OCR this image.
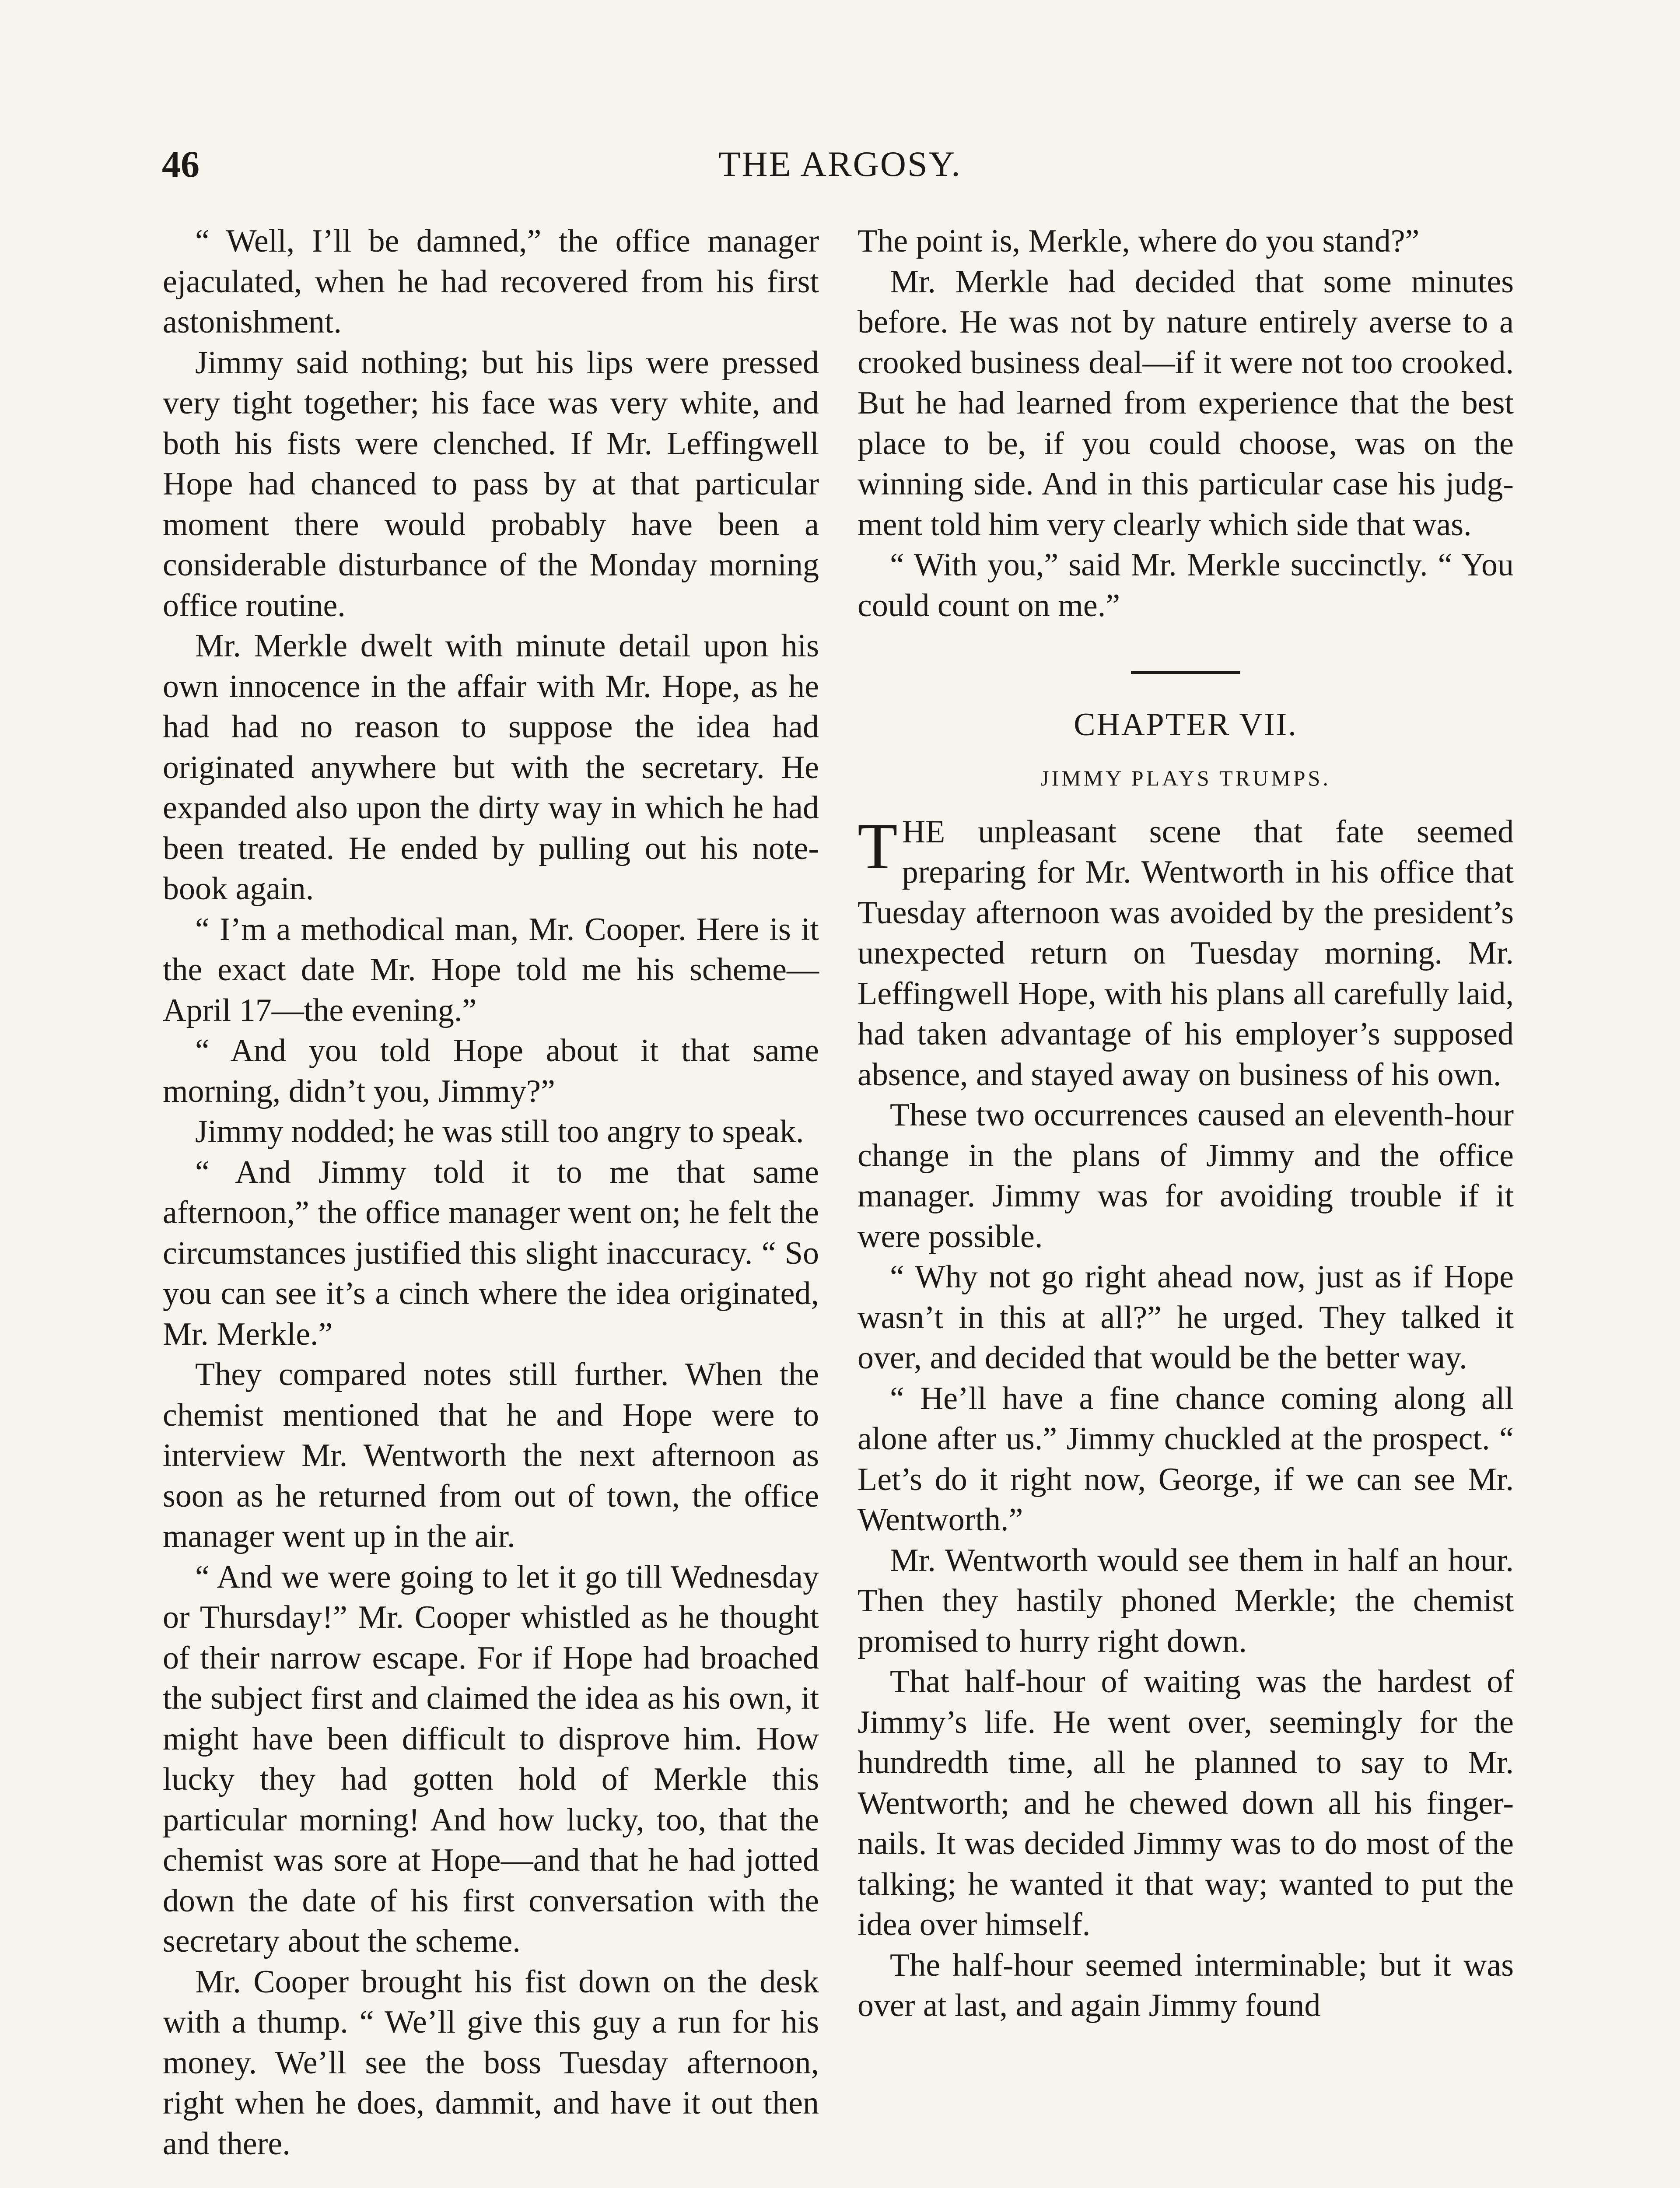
46	THE ARGOSY.

“ Well, I’ll be damned,” the office manager ejaculated, when he had recovered from his first astonishment.

Jimmy said nothing; but his lips were pressed very tight together; his face was very white, and both his fists were clenched. If Mr. Leffingwell Hope had chanced to pass by at that particular moment there would probably have been a considerable disturbance of the Monday morning office routine.

Mr. Merkle dwelt with minute detail upon his own innocence in the affair with Mr. Hope, as he had had no reason to suppose the idea had originated anywhere but with the secretary. He expanded also upon the dirty way in which he had been treated. He ended by pulling out his notebook again.

“ I’m a methodical man, Mr. Cooper. Here is it the exact date Mr. Hope told me his scheme—April 17—the evening.”

“ And you told Hope about it that same morning, didn’t you, Jimmy?”

Jimmy nodded; he was still too angry to speak.

“ And Jimmy told it to me that same afternoon,” the office manager went on; he felt the circumstances justified this slight inaccuracy. “ So you can see it’s a cinch where the idea originated, Mr. Merkle.”

They compared notes still further. When the chemist mentioned that he and Hope were to interview Mr. Wentworth the next afternoon as soon as he returned from out of town, the office manager went up in the air.

“ And we were going to let it go till Wednesday or Thursday!” Mr. Cooper whistled as he thought of their narrow escape. For if Hope had broached the subject first and claimed the idea as his own, it might have been difficult to disprove him. How lucky they had gotten hold of Merkle this particular morning! And how lucky, too, that the chemist was sore at Hope—and that he had jotted down the date of his first conversation with the secretary about the scheme.

Mr. Cooper brought his fist down on the desk with a thump. “ We’ll give this guy a run for his money. We’ll see the boss Tuesday afternoon, right when he does, dammit, and have it out then and there.

The point is, Merkle, where do you stand?”

Mr. Merkle had decided that some minutes before. He was not by nature entirely averse to a crooked business deal—if it were not too crooked. But he had learned from experience that the best place to be, if you could choose, was on the winning side. And in this particular case his judgment told him very clearly which side that was.

“ With you,” said Mr. Merkle succinctly. “ You could count on me.”

CHAPTER VII.
JIMMY PLAYS TRUMPS.

THE unpleasant scene that fate seemed preparing for Mr. Wentworth in his office that Tuesday afternoon was avoided by the president’s unexpected return on Tuesday morning. Mr. Leffingwell Hope, with his plans all carefully laid, had taken advantage of his employer’s supposed absence, and stayed away on business of his own.

These two occurrences caused an eleventh-hour change in the plans of Jimmy and the office manager. Jimmy was for avoiding trouble if it were possible.

“ Why not go right ahead now, just as if Hope wasn’t in this at all?” he urged. They talked it over, and decided that would be the better way.

“ He’ll have a fine chance coming along all alone after us.” Jimmy chuckled at the prospect. “ Let’s do it right now, George, if we can see Mr. Wentworth.”

Mr. Wentworth would see them in half an hour. Then they hastily phoned Merkle; the chemist promised to hurry right down.

That half-hour of waiting was the hardest of Jimmy’s life. He went over, seemingly for the hundredth time, all he planned to say to Mr. Wentworth; and he chewed down all his finger-nails. It was decided Jimmy was to do most of the talking; he wanted it that way; wanted to put the idea over himself.

The half-hour seemed interminable; but it was over at last, and again Jimmy found
